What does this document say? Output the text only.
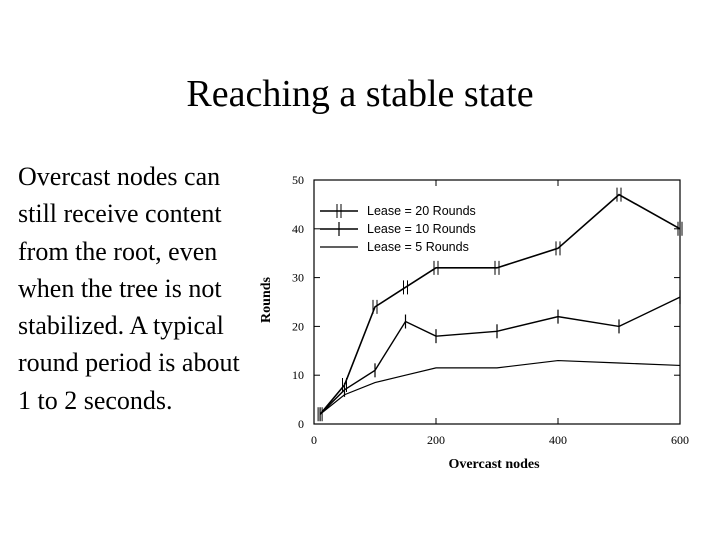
Reaching a stable state
Overcast nodes can still receive content from the root, even when the tree is not stabilized. A typical round period is about 1 to 2 seconds.
0	200	400	600
0
10
20
30
40
50
Lease = 20 Rounds
Lease = 10 Rounds
Lease = 5 Rounds
Overcast nodes
Rounds
